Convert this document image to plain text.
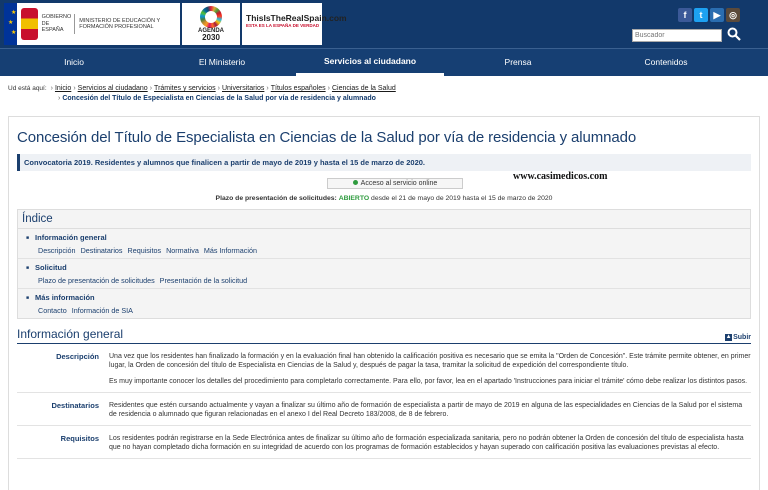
★
★
★
GOBIERNO DE ESPAÑA
MINISTERIO DE EDUCACIÓN Y FORMACIÓN PROFESIONAL
AGENDA
2030
ThisIsTheRealSpain.com
ESTA ES LA ESPAÑA DE VERDAD
f	t	▶ ◎
Buscador
Inicio	El Ministerio	Servicios al ciudadano	Prensa	Contenidos
Ud está aquí: › Inicio › Servicios al ciudadano › Trámites y servicios › Universitarios › Títulos españoles › Ciencias de la Salud
› Concesión del Título de Especialista en Ciencias de la Salud por vía de residencia y alumnado
Concesión del Título de Especialista en Ciencias de la Salud por vía de residencia y alumnado
Convocatoria 2019. Residentes y alumnos que finalicen a partir de mayo de 2019 y hasta el 15 de marzo de 2020.
Acceso al servicio online
www.casimedicos.com
Plazo de presentación de solicitudes: ABIERTO desde el 21 de mayo de 2019 hasta el 15 de marzo de 2020
Índice
■ Información general
Descripción Destinatarios Requisitos Normativa Más Información
■ Solicitud
Plazo de presentación de solicitudes Presentación de la solicitud
■ Más información
Contacto Información de SIA
Información general	▲ Subir
Descripción	Una vez que los residentes han finalizado la formación y en la evaluación final han obtenido la calificación positiva es necesario que se emita la "Orden de Concesión". Este trámite permite obtener, en primer lugar, la Orden de concesión del título de Especialista en Ciencias de la Salud y, después de pagar la tasa, tramitar la solicitud de expedición del correspondiente título.

Es muy importante conocer los detalles del procedimiento para completarlo correctamente. Para ello, por favor, lea en el apartado 'Instrucciones para iniciar el trámite' cómo debe realizar los distintos pasos.

Destinatarios	Residentes que estén cursando actualmente y vayan a finalizar su último año de formación de especialista a partir de mayo de 2019 en alguna de las especialidades en Ciencias de la Salud por el sistema de residencia o alumnado que figuran relacionadas en el anexo I del Real Decreto 183/2008, de 8 de febrero.

Requisitos	Los residentes podrán registrarse en la Sede Electrónica antes de finalizar su último año de formación especializada sanitaria, pero no podrán obtener la Orden de concesión del título de especialista hasta que no hayan completado dicha formación en su integridad de acuerdo con los programas de formación establecidos y hayan superado con calificación positiva las evaluaciones previstas al efecto.
